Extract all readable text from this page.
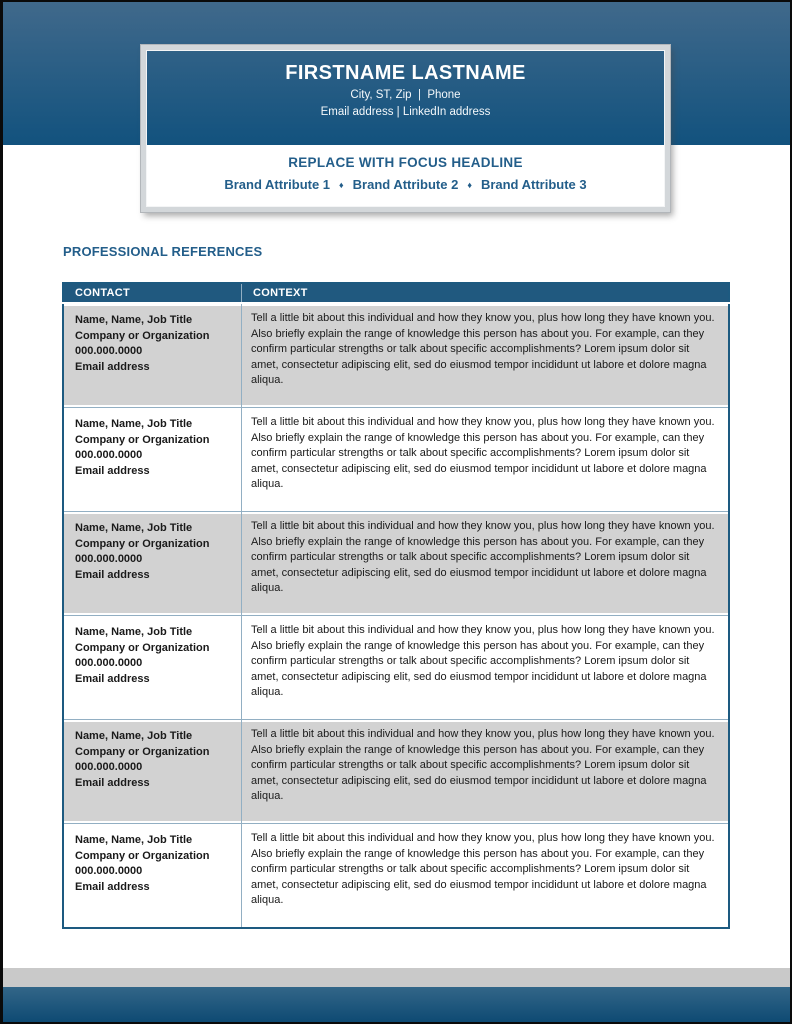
FIRSTNAME LASTNAME
City, ST, Zip  |  Phone
Email address | LinkedIn address
REPLACE WITH FOCUS HEADLINE
Brand Attribute 1 ♦ Brand Attribute 2 ♦ Brand Attribute 3
PROFESSIONAL REFERENCES
CONTACT	CONTEXT

Name, Name, Job Title
Company or Organization
000.000.0000
Email address
	Tell a little bit about this individual and how they know you, plus how long they have known you. Also briefly explain the range of knowledge this person has about you. For example, can they confirm particular strengths or talk about specific accomplishments? Lorem ipsum dolor sit amet, consectetur adipiscing elit, sed do eiusmod tempor incididunt ut labore et dolore magna aliqua.

Name, Name, Job Title
Company or Organization
000.000.0000
Email address
	Tell a little bit about this individual and how they know you, plus how long they have known you. Also briefly explain the range of knowledge this person has about you. For example, can they confirm particular strengths or talk about specific accomplishments? Lorem ipsum dolor sit amet, consectetur adipiscing elit, sed do eiusmod tempor incididunt ut labore et dolore magna aliqua.

Name, Name, Job Title
Company or Organization
000.000.0000
Email address
	Tell a little bit about this individual and how they know you, plus how long they have known you. Also briefly explain the range of knowledge this person has about you. For example, can they confirm particular strengths or talk about specific accomplishments? Lorem ipsum dolor sit amet, consectetur adipiscing elit, sed do eiusmod tempor incididunt ut labore et dolore magna aliqua.

Name, Name, Job Title
Company or Organization
000.000.0000
Email address
	Tell a little bit about this individual and how they know you, plus how long they have known you. Also briefly explain the range of knowledge this person has about you. For example, can they confirm particular strengths or talk about specific accomplishments? Lorem ipsum dolor sit amet, consectetur adipiscing elit, sed do eiusmod tempor incididunt ut labore et dolore magna aliqua.

Name, Name, Job Title
Company or Organization
000.000.0000
Email address
	Tell a little bit about this individual and how they know you, plus how long they have known you. Also briefly explain the range of knowledge this person has about you. For example, can they confirm particular strengths or talk about specific accomplishments? Lorem ipsum dolor sit amet, consectetur adipiscing elit, sed do eiusmod tempor incididunt ut labore et dolore magna aliqua.

Name, Name, Job Title
Company or Organization
000.000.0000
Email address
	Tell a little bit about this individual and how they know you, plus how long they have known you. Also briefly explain the range of knowledge this person has about you. For example, can they confirm particular strengths or talk about specific accomplishments? Lorem ipsum dolor sit amet, consectetur adipiscing elit, sed do eiusmod tempor incididunt ut labore et dolore magna aliqua.
